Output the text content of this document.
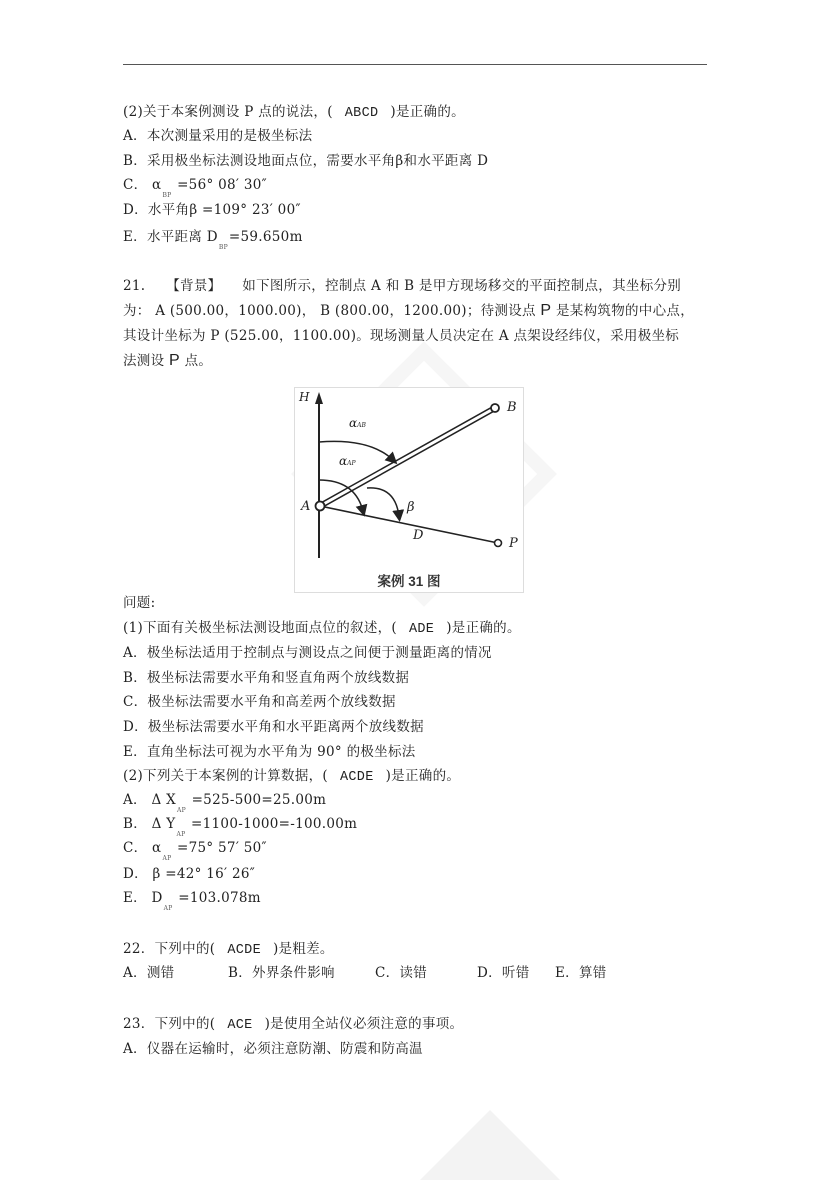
(2)关于本案例测设 P 点的说法，( ABCD )是正确的。
A．本次测量采用的是极坐标法
B．采用极坐标法测设地面点位，需要水平角β和水平距离 D
C． $\alpha_{BP} =56^\circ$ 08′ 30″
D．水平角β =109° 23′ 00″
E．水平距离 $D_{BP}=59.650m$
21.　　【背景】　　如下图所示，控制点 A 和 B 是甲方现场移交的平面控制点，其坐标分别
为： A (500.00，1000.00)， B (800.00，1200.00)；待测设点 P 是某构筑物的中心点，
其设计坐标为 P (525.00，1100.00)。现场测量人员决定在 A 点架设经纬仪，采用极坐标
法测设 P 点。
H
A
B
P
D
β
αAB
αAP
案例 31 图
问题:
(1)下面有关极坐标法测设地面点位的叙述，( ADE )是正确的。
A．极坐标法适用于控制点与测设点之间便于测量距离的情况
B．极坐标法需要水平角和竖直角两个放线数据
C．极坐标法需要水平角和高差两个放线数据
D．极坐标法需要水平角和水平距离两个放线数据
E．直角坐标法可视为水平角为 90° 的极坐标法
(2)下列关于本案例的计算数据，( ACDE )是正确的。
A． Δ $X_{AP} =525-500=25.00m$
B． Δ $Y_{AP} =1100-1000=-100.00m$
C． $\alpha_{AP} =75^\circ$ 57′ 50″
D． β =42° 16′ 26″
E． $D_{AP} =103.078m$
22．下列中的( ACDE )是粗差。
A．测错	B．外界条件影响	C．读错	D．听错 E．算错
23．下列中的( ACE )是使用全站仪必须注意的事项。
A．仪器在运输时，必须注意防潮、防震和防高温
